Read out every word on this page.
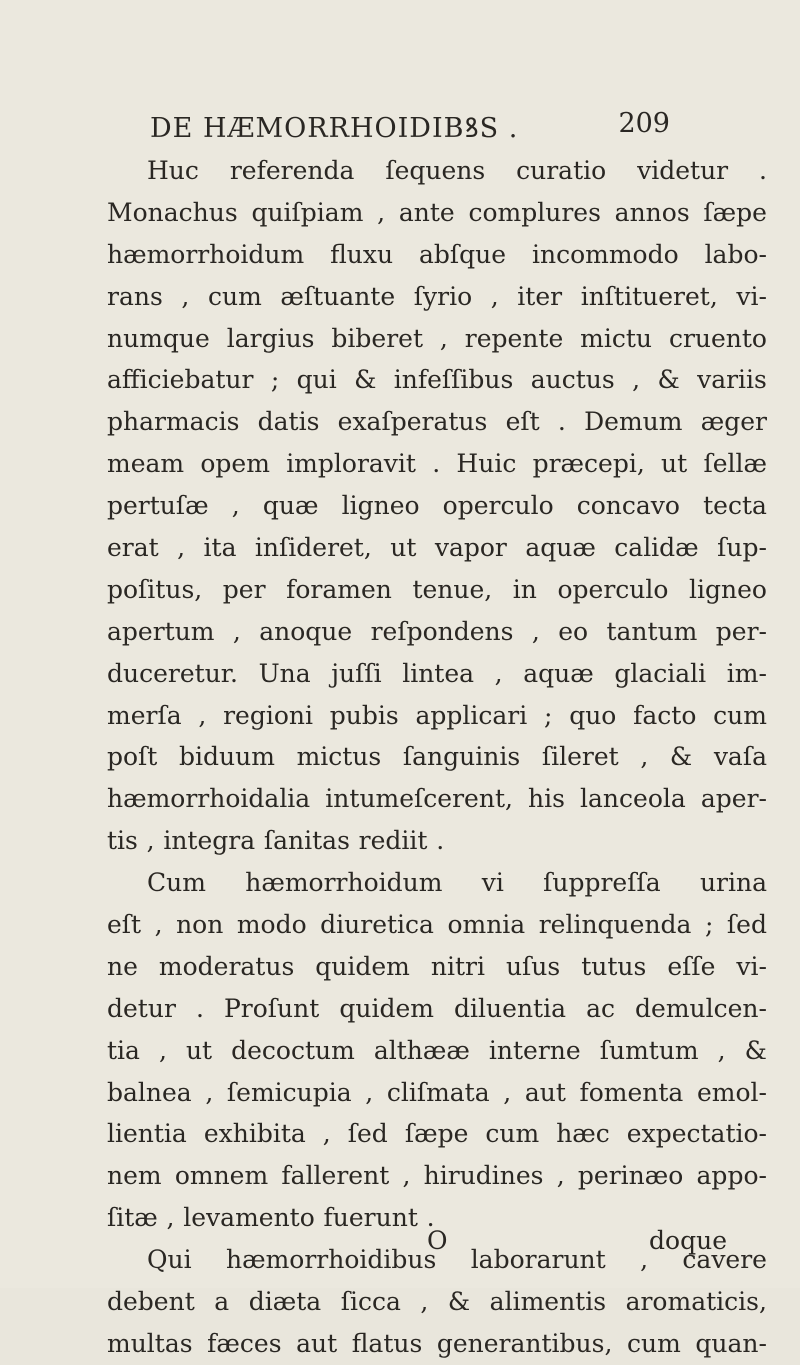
DE HÆMORRHOIDIBꝸS .	209
Huc referenda ſequens curatio videtur .
Monachus quiſpiam , ante complures annos ſæpe
hæmorrhoidum fluxu abſque incommodo labo-
rans , cum æſtuante ſyrio , iter inſtitueret, vi-
numque largius biberet , repente mictu cruento
afficiebatur ; qui & infeſſibus auctus , & variis
pharmacis datis exaſperatus eſt . Demum æger
meam opem imploravit . Huic præcepi, ut ſellæ
pertuſæ , quæ ligneo operculo concavo tecta
erat , ita inſideret, ut vapor aquæ calidæ ſup-
poſitus, per foramen tenue, in operculo ligneo
apertum , anoque reſpondens , eo tantum per-
duceretur. Una juſſi lintea , aquæ glaciali im-
merſa , regioni pubis applicari ; quo facto cum
poſt biduum mictus ſanguinis ſileret , & vaſa
hæmorrhoidalia intumeſcerent, his lanceola aper-
tis , integra ſanitas rediit .
Cum hæmorrhoidum vi ſuppreſſa urina
eſt , non modo diuretica omnia relinquenda ; ſed
ne moderatus quidem nitri uſus tutus eſſe vi-
detur . Proſunt quidem diluentia ac demulcen-
tia , ut decoctum althææ interne ſumtum , &
balnea , ſemicupia , cliſmata , aut fomenta emol-
lientia exhibita , ſed ſæpe cum hæc expectatio-
nem omnem fallerent , hirudines , perinæo appo-
ſitæ , levamento fuerunt .
Qui hæmorrhoidibus laborarunt , cavere
debent a diæta ſicca , & alimentis aromaticis,
multas fæces aut flatus generantibus, cum quan-
O	doque
